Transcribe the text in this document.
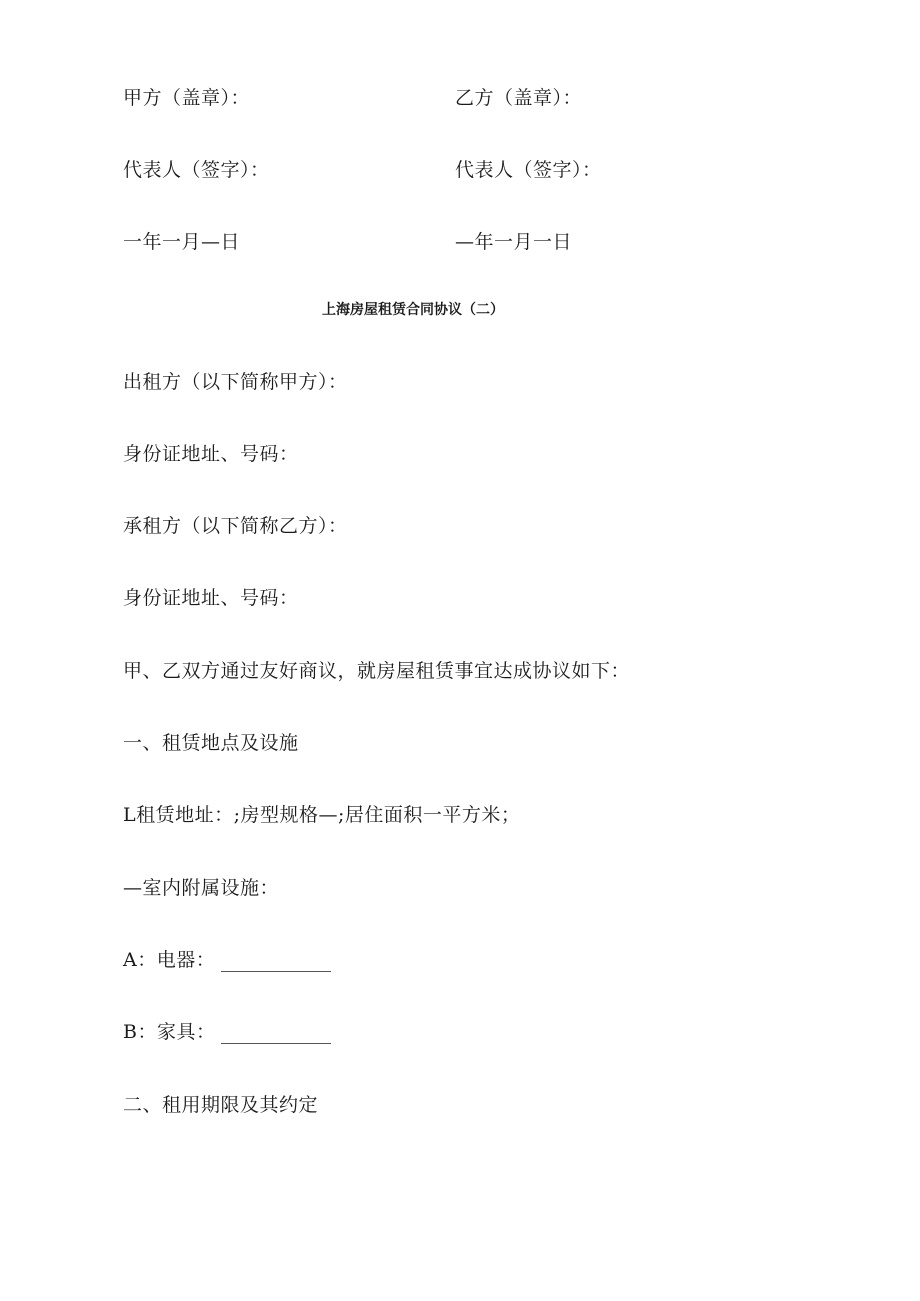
甲方（盖章）：	乙方（盖章）：
代表人（签字）：	代表人（签字）：
一年一月—日	—年一月一日
上海房屋租赁合同协议（二）
出租方（以下简称甲方）：
身份证地址、号码：
承租方（以下简称乙方）：
身份证地址、号码：
甲、乙双方通过友好商议，就房屋租赁事宜达成协议如下：
一、租赁地点及设施
L租赁地址：;房型规格—;居住面积一平方米；
—室内附属设施：
A：电器：
B：家具：
二、租用期限及其约定
